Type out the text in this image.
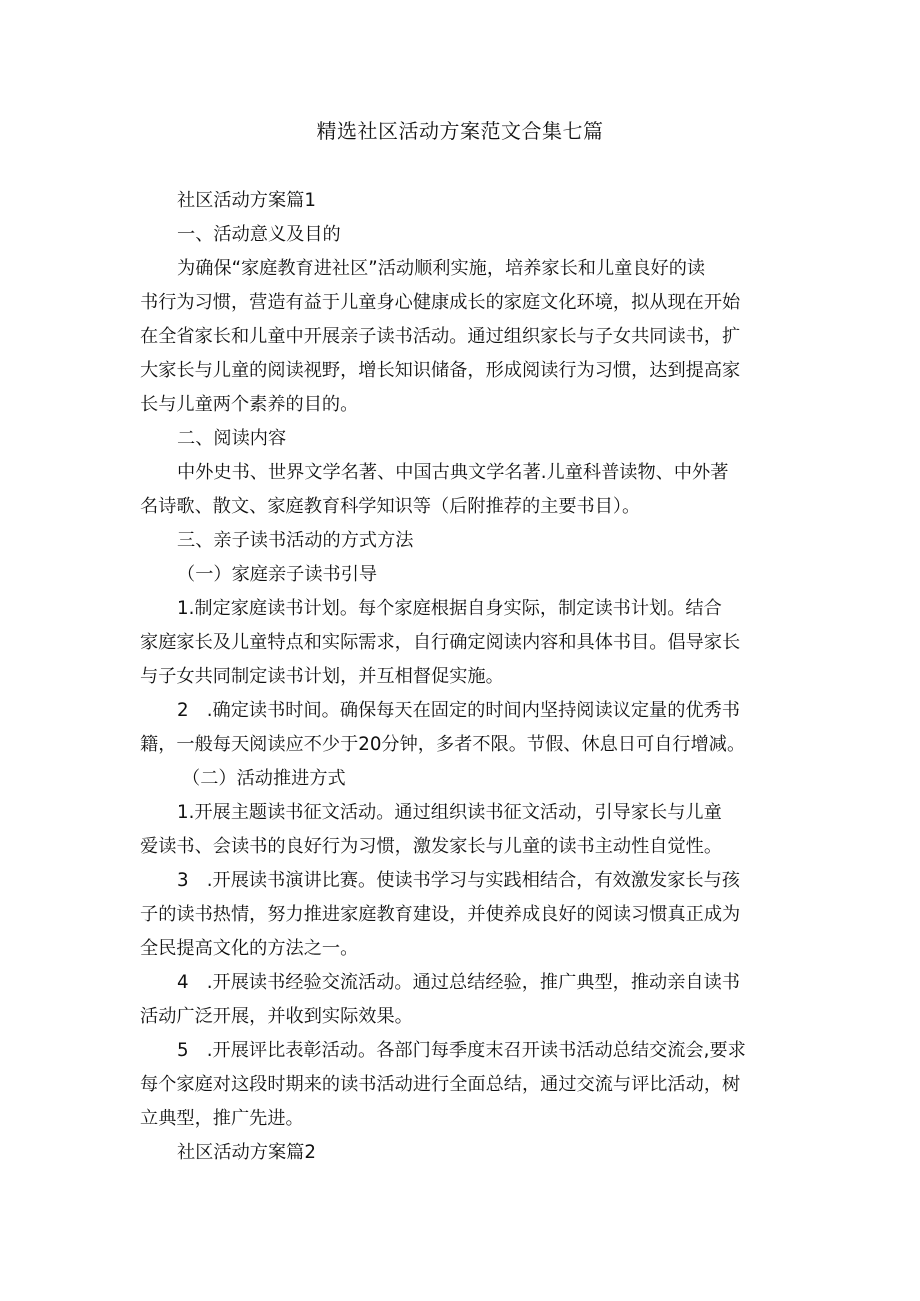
精选社区活动方案范文合集七篇

社区活动方案篇1

一、活动意义及目的

为确保“家庭教育进社区”活动顺利实施，培养家长和儿童良好的读

书行为习惯，营造有益于儿童身心健康成长的家庭文化环境，拟从现在开始

在全省家长和儿童中开展亲子读书活动。通过组织家长与子女共同读书，扩

大家长与儿童的阅读视野，增长知识储备，形成阅读行为习惯，达到提高家

长与儿童两个素养的目的。

二、阅读内容

中外史书、世界文学名著、中国古典文学名著.儿童科普读物、中外著

名诗歌、散文、家庭教育科学知识等（后附推荐的主要书目）。

三、亲子读书活动的方式方法

（一）家庭亲子读书引导

1.制定家庭读书计划。每个家庭根据自身实际，制定读书计划。结合

家庭家长及儿童特点和实际需求，自行确定阅读内容和具体书目。倡导家长

与子女共同制定读书计划，并互相督促实施。

2　.确定读书时间。确保每天在固定的时间内坚持阅读议定量的优秀书

籍，一般每天阅读应不少于20分钟，多者不限。节假、休息日可自行增减。

（二）活动推进方式

1.开展主题读书征文活动。通过组织读书征文活动，引导家长与儿童

爱读书、会读书的良好行为习惯，激发家长与儿童的读书主动性自觉性。

3　.开展读书演讲比赛。使读书学习与实践相结合，有效激发家长与孩

子的读书热情，努力推进家庭教育建设，并使养成良好的阅读习惯真正成为

全民提高文化的方法之一。

4　.开展读书经验交流活动。通过总结经验，推广典型，推动亲自读书

活动广泛开展，并收到实际效果。

5　.开展评比表彰活动。各部门每季度末召开读书活动总结交流会,要求

每个家庭对这段时期来的读书活动进行全面总结，通过交流与评比活动，树

立典型，推广先进。

社区活动方案篇2
